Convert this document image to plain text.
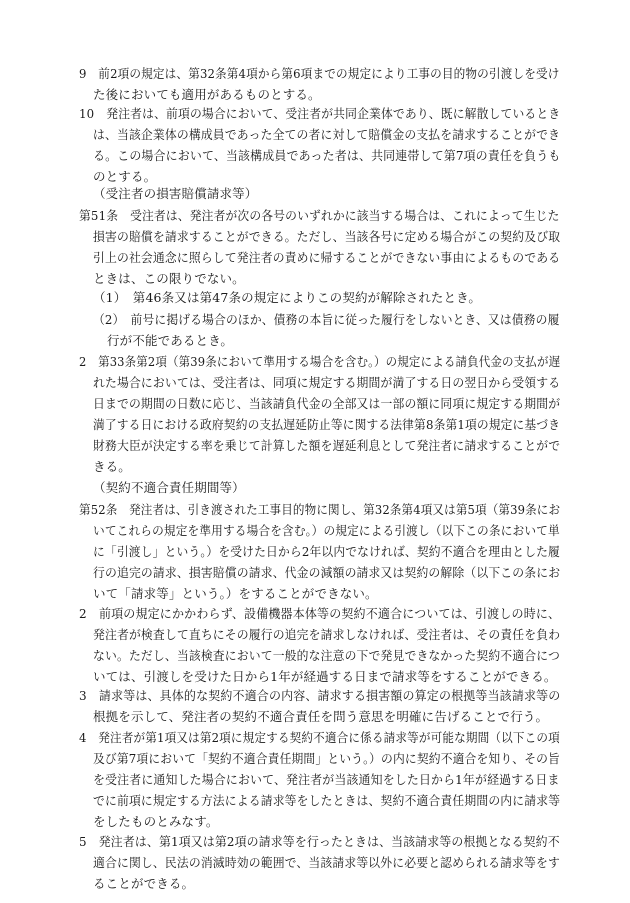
9　前2項の規定は、第32条第4項から第6項までの規定により工事の目的物の引渡しを受け
た後においても適用があるものとする。
10　発注者は、前項の場合において、受注者が共同企業体であり、既に解散しているとき
は、当該企業体の構成員であった全ての者に対して賠償金の支払を請求することができ
る。この場合において、当該構成員であった者は、共同連帯して第7項の責任を負うも
のとする。
（受注者の損害賠償請求等）
第51条　受注者は、発注者が次の各号のいずれかに該当する場合は、これによって生じた
損害の賠償を請求することができる。ただし、当該各号に定める場合がこの契約及び取
引上の社会通念に照らして発注者の責めに帰することができない事由によるものである
ときは、この限りでない。
（1）　第46条又は第47条の規定によりこの契約が解除されたとき。
（2）　前号に掲げる場合のほか、債務の本旨に従った履行をしないとき、又は債務の履
行が不能であるとき。
2　第33条第2項（第39条において準用する場合を含む。）の規定による請負代金の支払が遅
れた場合においては、受注者は、同項に規定する期間が満了する日の翌日から受領する
日までの期間の日数に応じ、当該請負代金の全部又は一部の額に同項に規定する期間が
満了する日における政府契約の支払遅延防止等に関する法律第8条第1項の規定に基づき
財務大臣が決定する率を乗じて計算した額を遅延利息として発注者に請求することがで
きる。
（契約不適合責任期間等）
第52条　発注者は、引き渡された工事目的物に関し、第32条第4項又は第5項（第39条にお
いてこれらの規定を準用する場合を含む。）の規定による引渡し（以下この条において単
に「引渡し」という。）を受けた日から2年以内でなければ、契約不適合を理由とした履
行の追完の請求、損害賠償の請求、代金の減額の請求又は契約の解除（以下この条にお
いて「請求等」という。）をすることができない。
2　前項の規定にかかわらず、設備機器本体等の契約不適合については、引渡しの時に、
発注者が検査して直ちにその履行の追完を請求しなければ、受注者は、その責任を負わ
ない。ただし、当該検査において一般的な注意の下で発見できなかった契約不適合につ
いては、引渡しを受けた日から1年が経過する日まで請求等をすることができる。
3　請求等は、具体的な契約不適合の内容、請求する損害額の算定の根拠等当該請求等の
根拠を示して、発注者の契約不適合責任を問う意思を明確に告げることで行う。
4　発注者が第1項又は第2項に規定する契約不適合に係る請求等が可能な期間（以下この項
及び第7項において「契約不適合責任期間」という。）の内に契約不適合を知り、その旨
を受注者に通知した場合において、発注者が当該通知をした日から1年が経過する日ま
でに前項に規定する方法による請求等をしたときは、契約不適合責任期間の内に請求等
をしたものとみなす。
5　発注者は、第1項又は第2項の請求等を行ったときは、当該請求等の根拠となる契約不
適合に関し、民法の消滅時効の範囲で、当該請求等以外に必要と認められる請求等をす
ることができる。
